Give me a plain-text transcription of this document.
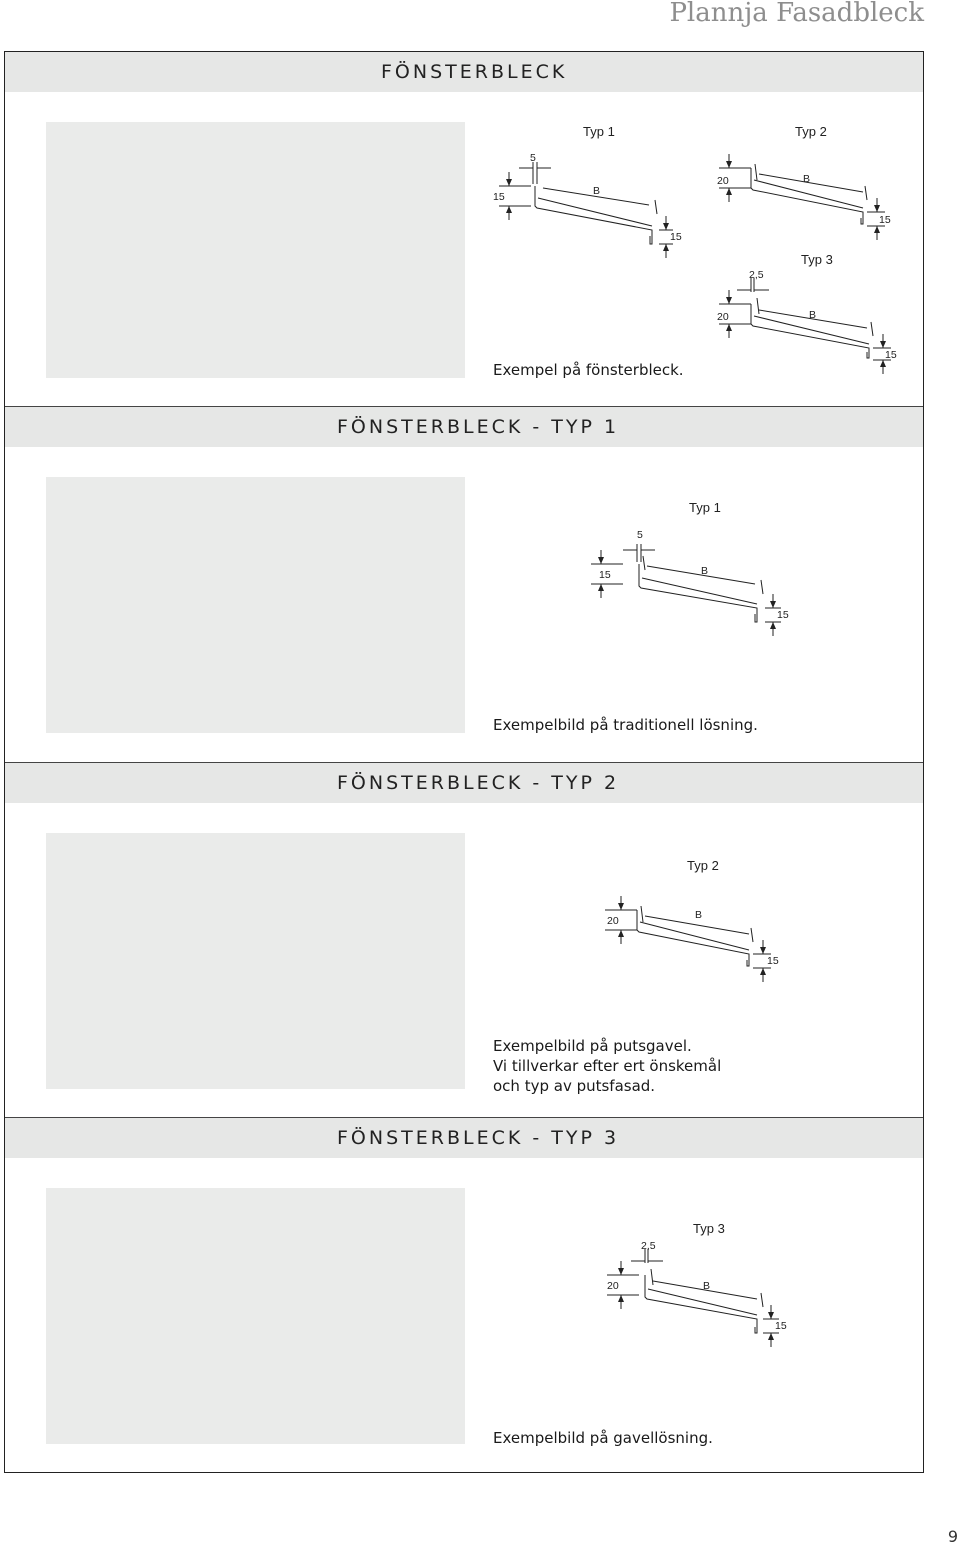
Plannja Fasadbleck
FÖNSTERBLECK
Exempel på fönsterbleck.
Typ 1
5
15	B
15
Typ 2
20	B
15
Typ 3
2,5
20	B
15
FÖNSTERBLECK - TYP 1
Exempelbild på traditionell lösning.
Typ 1
5
15	B
15
FÖNSTERBLECK - TYP 2
Exempelbild på putsgavel.
Vi tillverkar efter ert önskemål
och typ av putsfasad.
Typ 2
20	B
15
FÖNSTERBLECK - TYP 3
Exempelbild på gavellösning.
Typ 3
2,5
20	B
15
9
